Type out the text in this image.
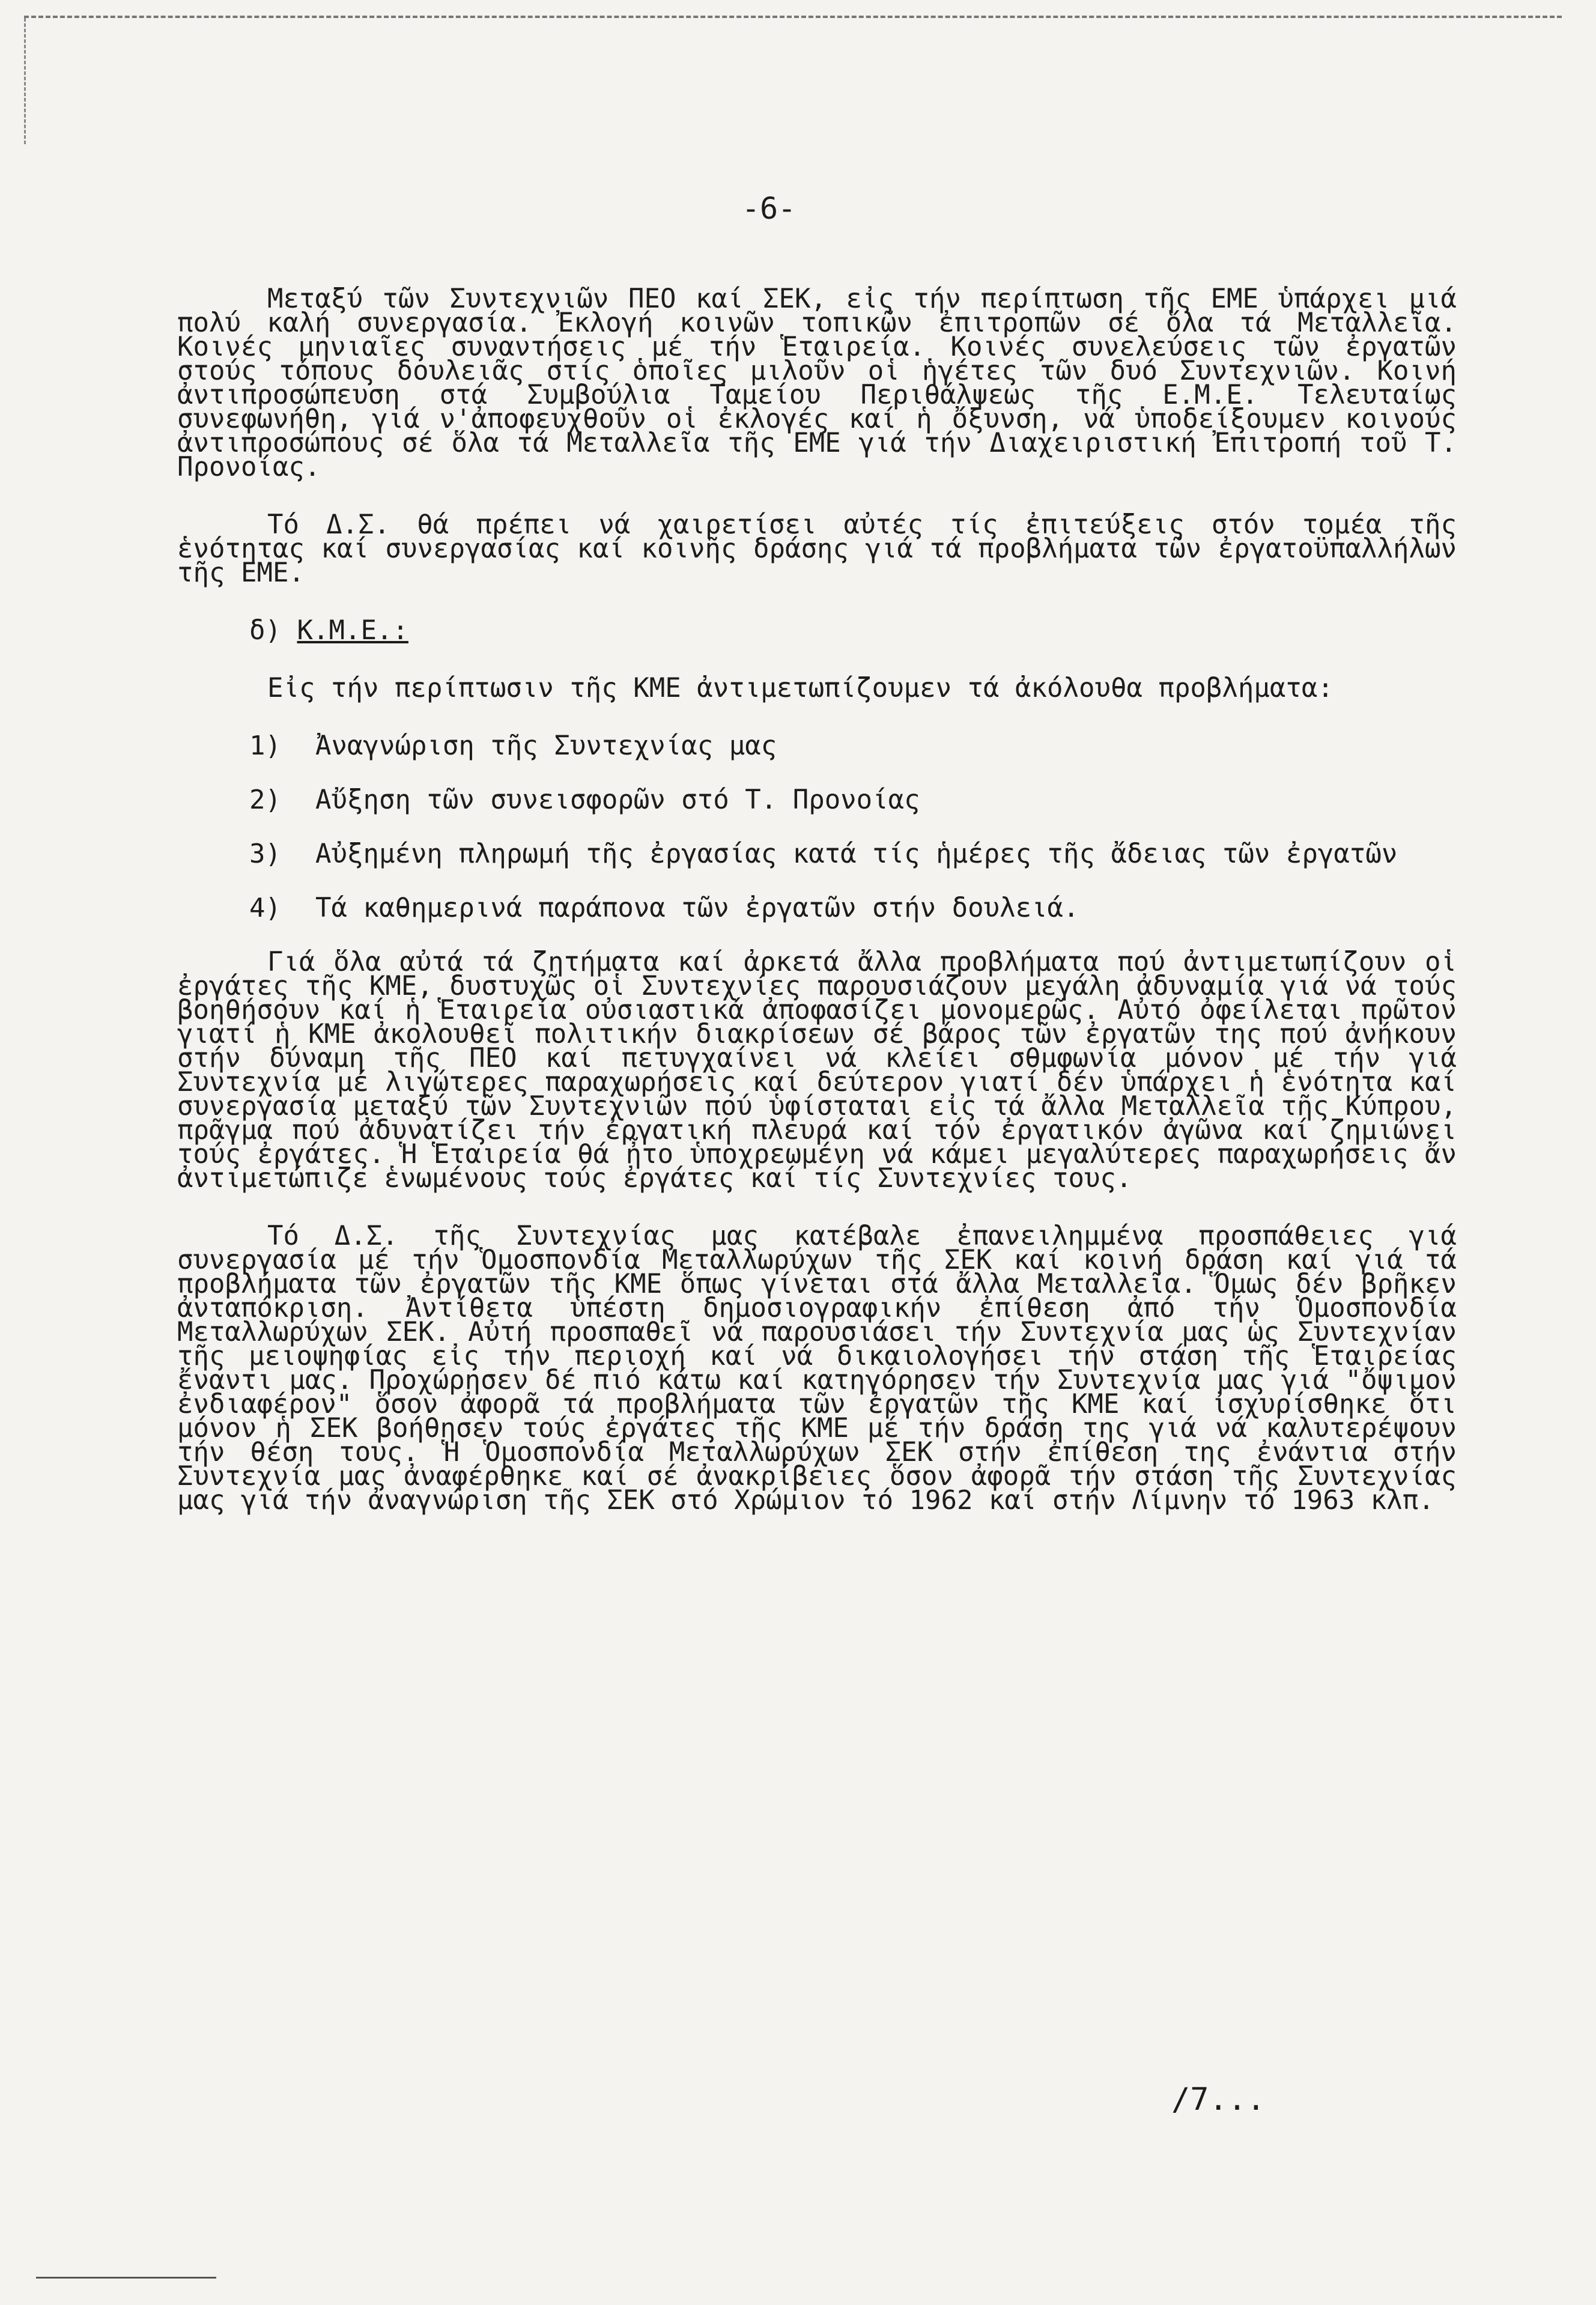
-6-

Μεταξύ τῶν Συντεχνιῶν ΠΕΟ καί ΣΕΚ, εἰς τήν περίπτωση τῆς ΕΜΕ ὑπάρχει μιά πολύ καλή συνεργασία. Ἐκλογή κοινῶν τοπικῶν ἐπιτροπῶν σέ ὅλα τά Μεταλλεῖα. Κοινές μηνιαῖες συναντήσεις μέ τήν Ἑταιρεία. Κοινές συνελεύσεις τῶν ἐργατῶν στούς τόπους δουλειᾶς στίς ὁποῖες μιλοῦν οἱ ἡγέτες τῶν δυό Συντεχνιῶν. Κοινή ἀντιπροσώπευση στά Συμβούλια Ταμείου Περιθάλψεως τῆς Ε.Μ.Ε. Τελευταίως συνεφωνήθη, γιά ν'ἀποφευχθοῦν οἱ ἐκλογές καί ἡ ὄξυνση, νά ὑποδείξουμεν κοινούς ἀντιπροσώπους σέ ὅλα τά Μεταλλεῖα τῆς ΕΜΕ γιά τήν Διαχειριστική Ἐπιτροπή τοῦ Τ. Προνοίας.

Τό Δ.Σ. θά πρέπει νά χαιρετίσει αὐτές τίς ἐπιτεύξεις στόν τομέα τῆς ἑνότητας καί συνεργασίας καί κοινῆς δράσης γιά τά προβλήματα τῶν ἐργατοϋπαλλήλων τῆς ΕΜΕ.

δ) Κ.Μ.Ε.:

Εἰς τήν περίπτωσιν τῆς ΚΜΕ ἀντιμετωπίζουμεν τά ἀκόλουθα προβλήματα:

1)	Ἀναγνώριση τῆς Συντεχνίας μας
2)	Αὔξηση τῶν συνεισφορῶν στό Τ. Προνοίας
3)	Αὐξημένη πληρωμή τῆς ἐργασίας κατά τίς ἡμέρες τῆς ἄδειας τῶν ἐργατῶν
4)	Τά καθημερινά παράπονα τῶν ἐργατῶν στήν δουλειά.

Γιά ὅλα αὐτά τά ζητήματα καί ἀρκετά ἄλλα προβλήματα πού ἀντιμετωπίζουν οἱ ἐργάτες τῆς ΚΜΕ, δυστυχῶς οἱ Συντεχνίες παρουσιάζουν μεγάλη ἀδυναμία γιά νά τούς βοηθήσουν καί ἡ Ἑταιρεία οὐσιαστικά ἀποφασίζει μονομερῶς. Αὐτό ὀφείλεται πρῶτον γιατί ἡ ΚΜΕ ἀκολουθεῖ πολιτικήν διακρίσεων σέ βάρος τῶν ἐργατῶν της πού ἀνήκουν στήν δύναμη τῆς ΠΕΟ καί πετυγχαίνει νά κλείει σθμφωνία μόνον μέ τήν γιά Συντεχνία μέ λιγώτερες παραχωρήσεις καί δεύτερον γιατί δέν ὑπάρχει ἡ ἑνότητα καί συνεργασία μεταξύ τῶν Συντεχνιῶν πού ὑφίσταται εἰς τά ἄλλα Μεταλλεῖα τῆς Κύπρου, πρᾶγμα πού ἀδυνατίζει τήν ἐργατική πλευρά καί τόν ἐργατικόν ἀγῶνα καί ζημιώνει τούς ἐργάτες. Ἡ Ἑταιρεία θά ἦτο ὑποχρεωμένη νά κάμει μεγαλύτερες παραχωρήσεις ἄν ἀντιμετώπιζε ἑνωμένους τούς ἐργάτες καί τίς Συντεχνίες τους.

Τό Δ.Σ. τῆς Συντεχνίας μας κατέβαλε ἐπανειλημμένα προσπάθειες γιά συνεργασία μέ τήν Ὁμοσπονδία Μεταλλωρύχων τῆς ΣΕΚ καί κοινή δράση καί γιά τά προβλήματα τῶν ἐργατῶν τῆς ΚΜΕ ὅπως γίνεται στά ἄλλα Μεταλλεῖα. Ὅμως δέν βρῆκεν ἀνταπόκριση. Ἀντίθετα ὑπέστη δημοσιογραφικήν ἐπίθεση ἀπό τήν Ὁμοσπονδία Μεταλλωρύχων ΣΕΚ. Αὐτή προσπαθεῖ νά παρουσιάσει τήν Συντεχνία μας ὡς Συντεχνίαν τῆς μειοψηφίας εἰς τήν περιοχή καί νά δικαιολογήσει τήν στάση τῆς Ἑταιρείας ἔναντι μας. Προχώρησεν δέ πιό κάτω καί κατηγόρησεν τήν Συντεχνία μας γιά "ὄψιμον ἐνδιαφέρον" ὅσον ἀφορᾶ τά προβλήματα τῶν ἐργατῶν τῆς ΚΜΕ καί ἰσχυρίσθηκε ὅτι μόνον ἡ ΣΕΚ βοήθησεν τούς ἐργάτες τῆς ΚΜΕ μέ τήν δράση της γιά νά καλυτερέψουν τήν θέση τους. Ἡ Ὁμοσπονδία Μεταλλωρύχων ΣΕΚ στήν ἐπίθεση της ἐνάντια στήν Συντεχνία μας ἀναφέρθηκε καί σέ ἀνακρίβειες ὅσον ἀφορᾶ τήν στάση τῆς Συντεχνίας μας γιά τήν ἀναγνώριση τῆς ΣΕΚ στό Χρώμιον τό 1962 καί στήν Λίμνην τό 1963 κλπ.

/7...
